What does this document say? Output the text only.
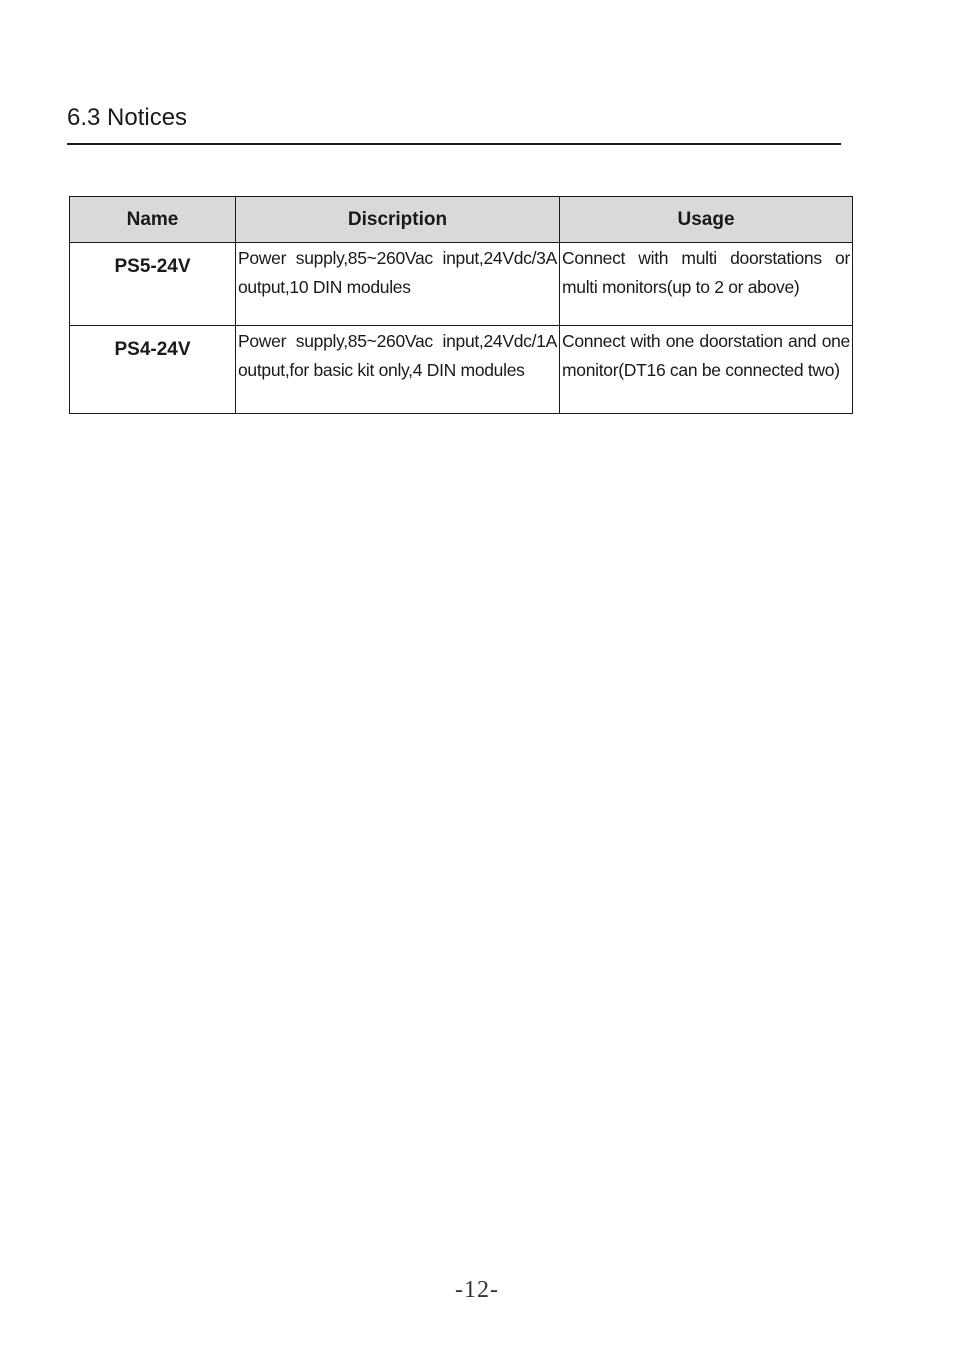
6.3 Notices
Name	Discription	Usage
PS5-24V	Power supply,85~260Vac input,24Vdc/3A output,10 DIN modules	Connect with multi doorstations or multi monitors(up to 2 or above)
PS4-24V	Power supply,85~260Vac input,24Vdc/1A output,for basic kit only,4 DIN modules	Connect with one doorstation and one monitor(DT16 can be connected two)
-12-
